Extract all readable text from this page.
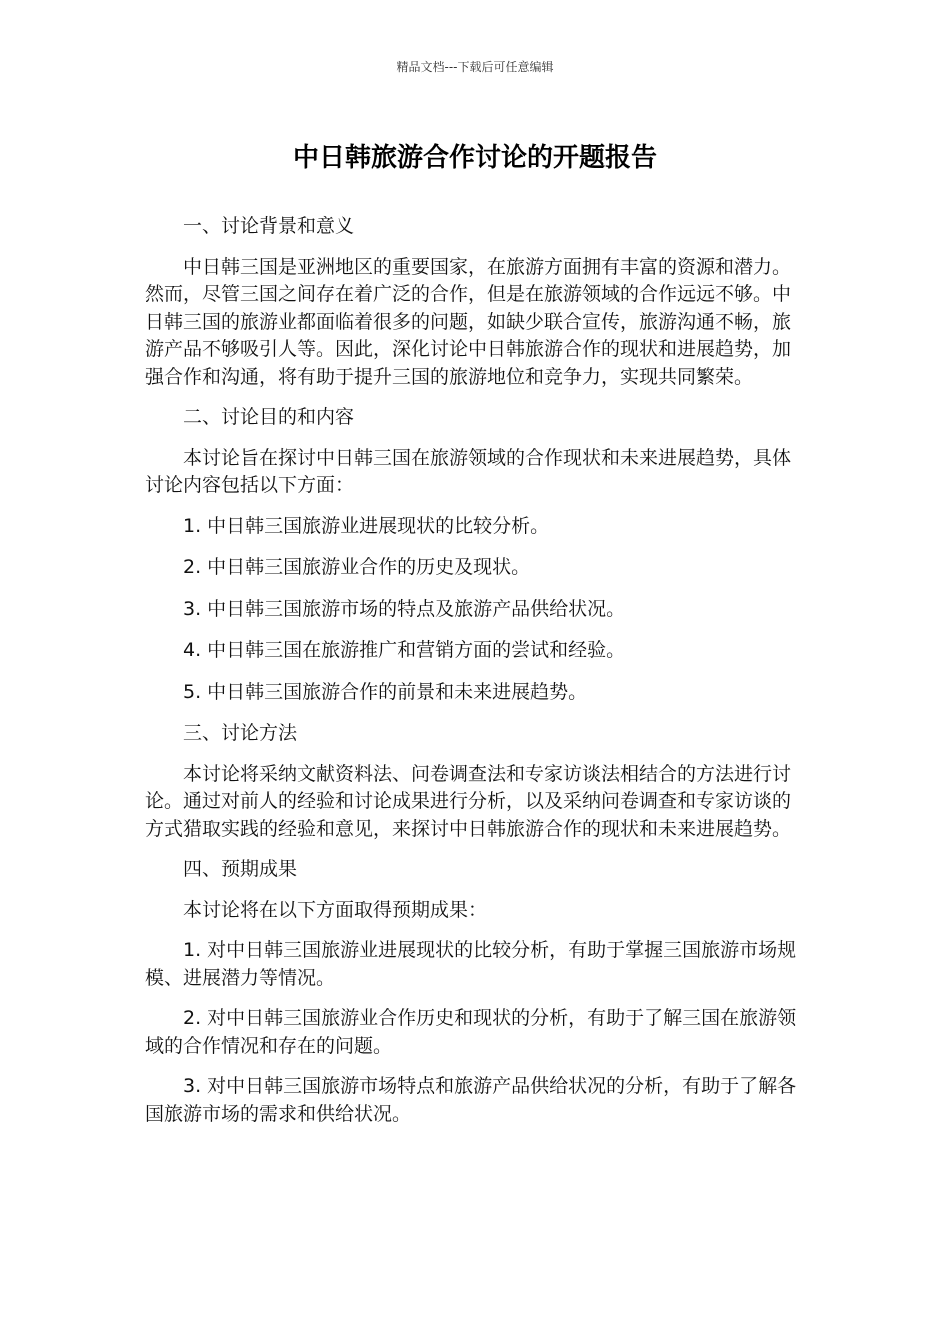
精品文档---下载后可任意编辑
中日韩旅游合作讨论的开题报告
一、讨论背景和意义
中日韩三国是亚洲地区的重要国家，在旅游方面拥有丰富的资源和潜力。然而，尽管三国之间存在着广泛的合作，但是在旅游领域的合作远远不够。中日韩三国的旅游业都面临着很多的问题，如缺少联合宣传，旅游沟通不畅，旅游产品不够吸引人等。因此，深化讨论中日韩旅游合作的现状和进展趋势，加强合作和沟通，将有助于提升三国的旅游地位和竞争力，实现共同繁荣。
二、讨论目的和内容
本讨论旨在探讨中日韩三国在旅游领域的合作现状和未来进展趋势，具体讨论内容包括以下方面：
1. 中日韩三国旅游业进展现状的比较分析。
2. 中日韩三国旅游业合作的历史及现状。
3. 中日韩三国旅游市场的特点及旅游产品供给状况。
4. 中日韩三国在旅游推广和营销方面的尝试和经验。
5. 中日韩三国旅游合作的前景和未来进展趋势。
三、讨论方法
本讨论将采纳文献资料法、问卷调查法和专家访谈法相结合的方法进行讨论。通过对前人的经验和讨论成果进行分析，以及采纳问卷调查和专家访谈的方式猎取实践的经验和意见，来探讨中日韩旅游合作的现状和未来进展趋势。
四、预期成果
本讨论将在以下方面取得预期成果：
1. 对中日韩三国旅游业进展现状的比较分析，有助于掌握三国旅游市场规模、进展潜力等情况。
2. 对中日韩三国旅游业合作历史和现状的分析，有助于了解三国在旅游领域的合作情况和存在的问题。
3. 对中日韩三国旅游市场特点和旅游产品供给状况的分析，有助于了解各国旅游市场的需求和供给状况。
